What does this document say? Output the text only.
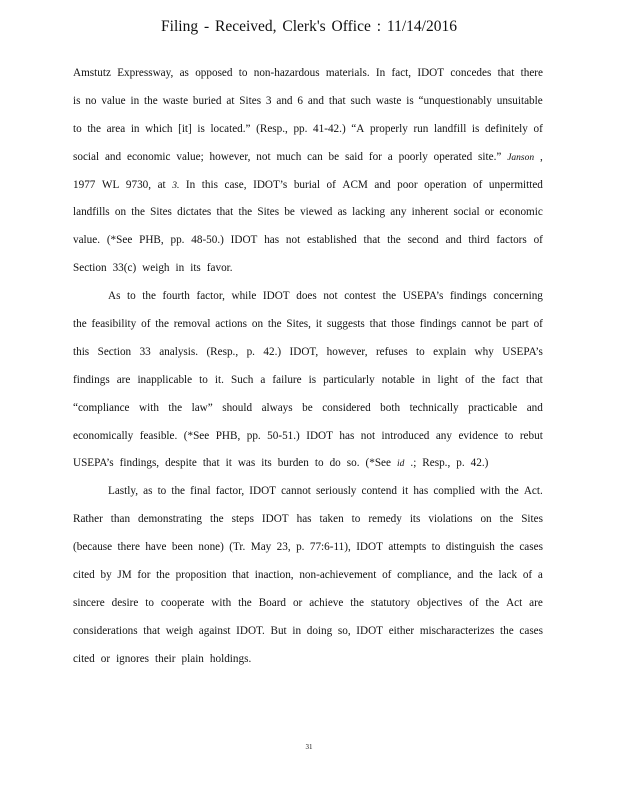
Filing - Received, Clerk's Office : 11/14/2016
Amstutz Expressway, as opposed to non-hazardous materials. In fact, IDOT concedes that there
is no value in the waste buried at Sites 3 and 6 and that such waste is “unquestionably unsuitable
to the area in which [it] is located.” (Resp., pp. 41-42.) “A properly run landfill is definitely of
social and economic value; however, not much can be said for a poorly operated site.” Janson ,
1977 WL 9730, at 3. In this case, IDOT’s burial of ACM and poor operation of unpermitted
landfills on the Sites dictates that the Sites be viewed as lacking any inherent social or economic
value. (*See PHB, pp. 48-50.) IDOT has not established that the second and third factors of
Section 33(c) weigh in its favor.
As to the fourth factor, while IDOT does not contest the USEPA’s findings concerning
the feasibility of the removal actions on the Sites, it suggests that those findings cannot be part of
this Section 33 analysis. (Resp., p. 42.) IDOT, however, refuses to explain why USEPA’s
findings are inapplicable to it. Such a failure is particularly notable in light of the fact that
“compliance with the law” should always be considered both technically practicable and
economically feasible. (*See PHB, pp. 50-51.) IDOT has not introduced any evidence to rebut
USEPA’s findings, despite that it was its burden to do so. (*See id .; Resp., p. 42.)
Lastly, as to the final factor, IDOT cannot seriously contend it has complied with the Act.
Rather than demonstrating the steps IDOT has taken to remedy its violations on the Sites
(because there have been none) (Tr. May 23, p. 77:6-11), IDOT attempts to distinguish the cases
cited by JM for the proposition that inaction, non-achievement of compliance, and the lack of a
sincere desire to cooperate with the Board or achieve the statutory objectives of the Act are
considerations that weigh against IDOT. But in doing so, IDOT either mischaracterizes the cases
cited or ignores their plain holdings.
31
